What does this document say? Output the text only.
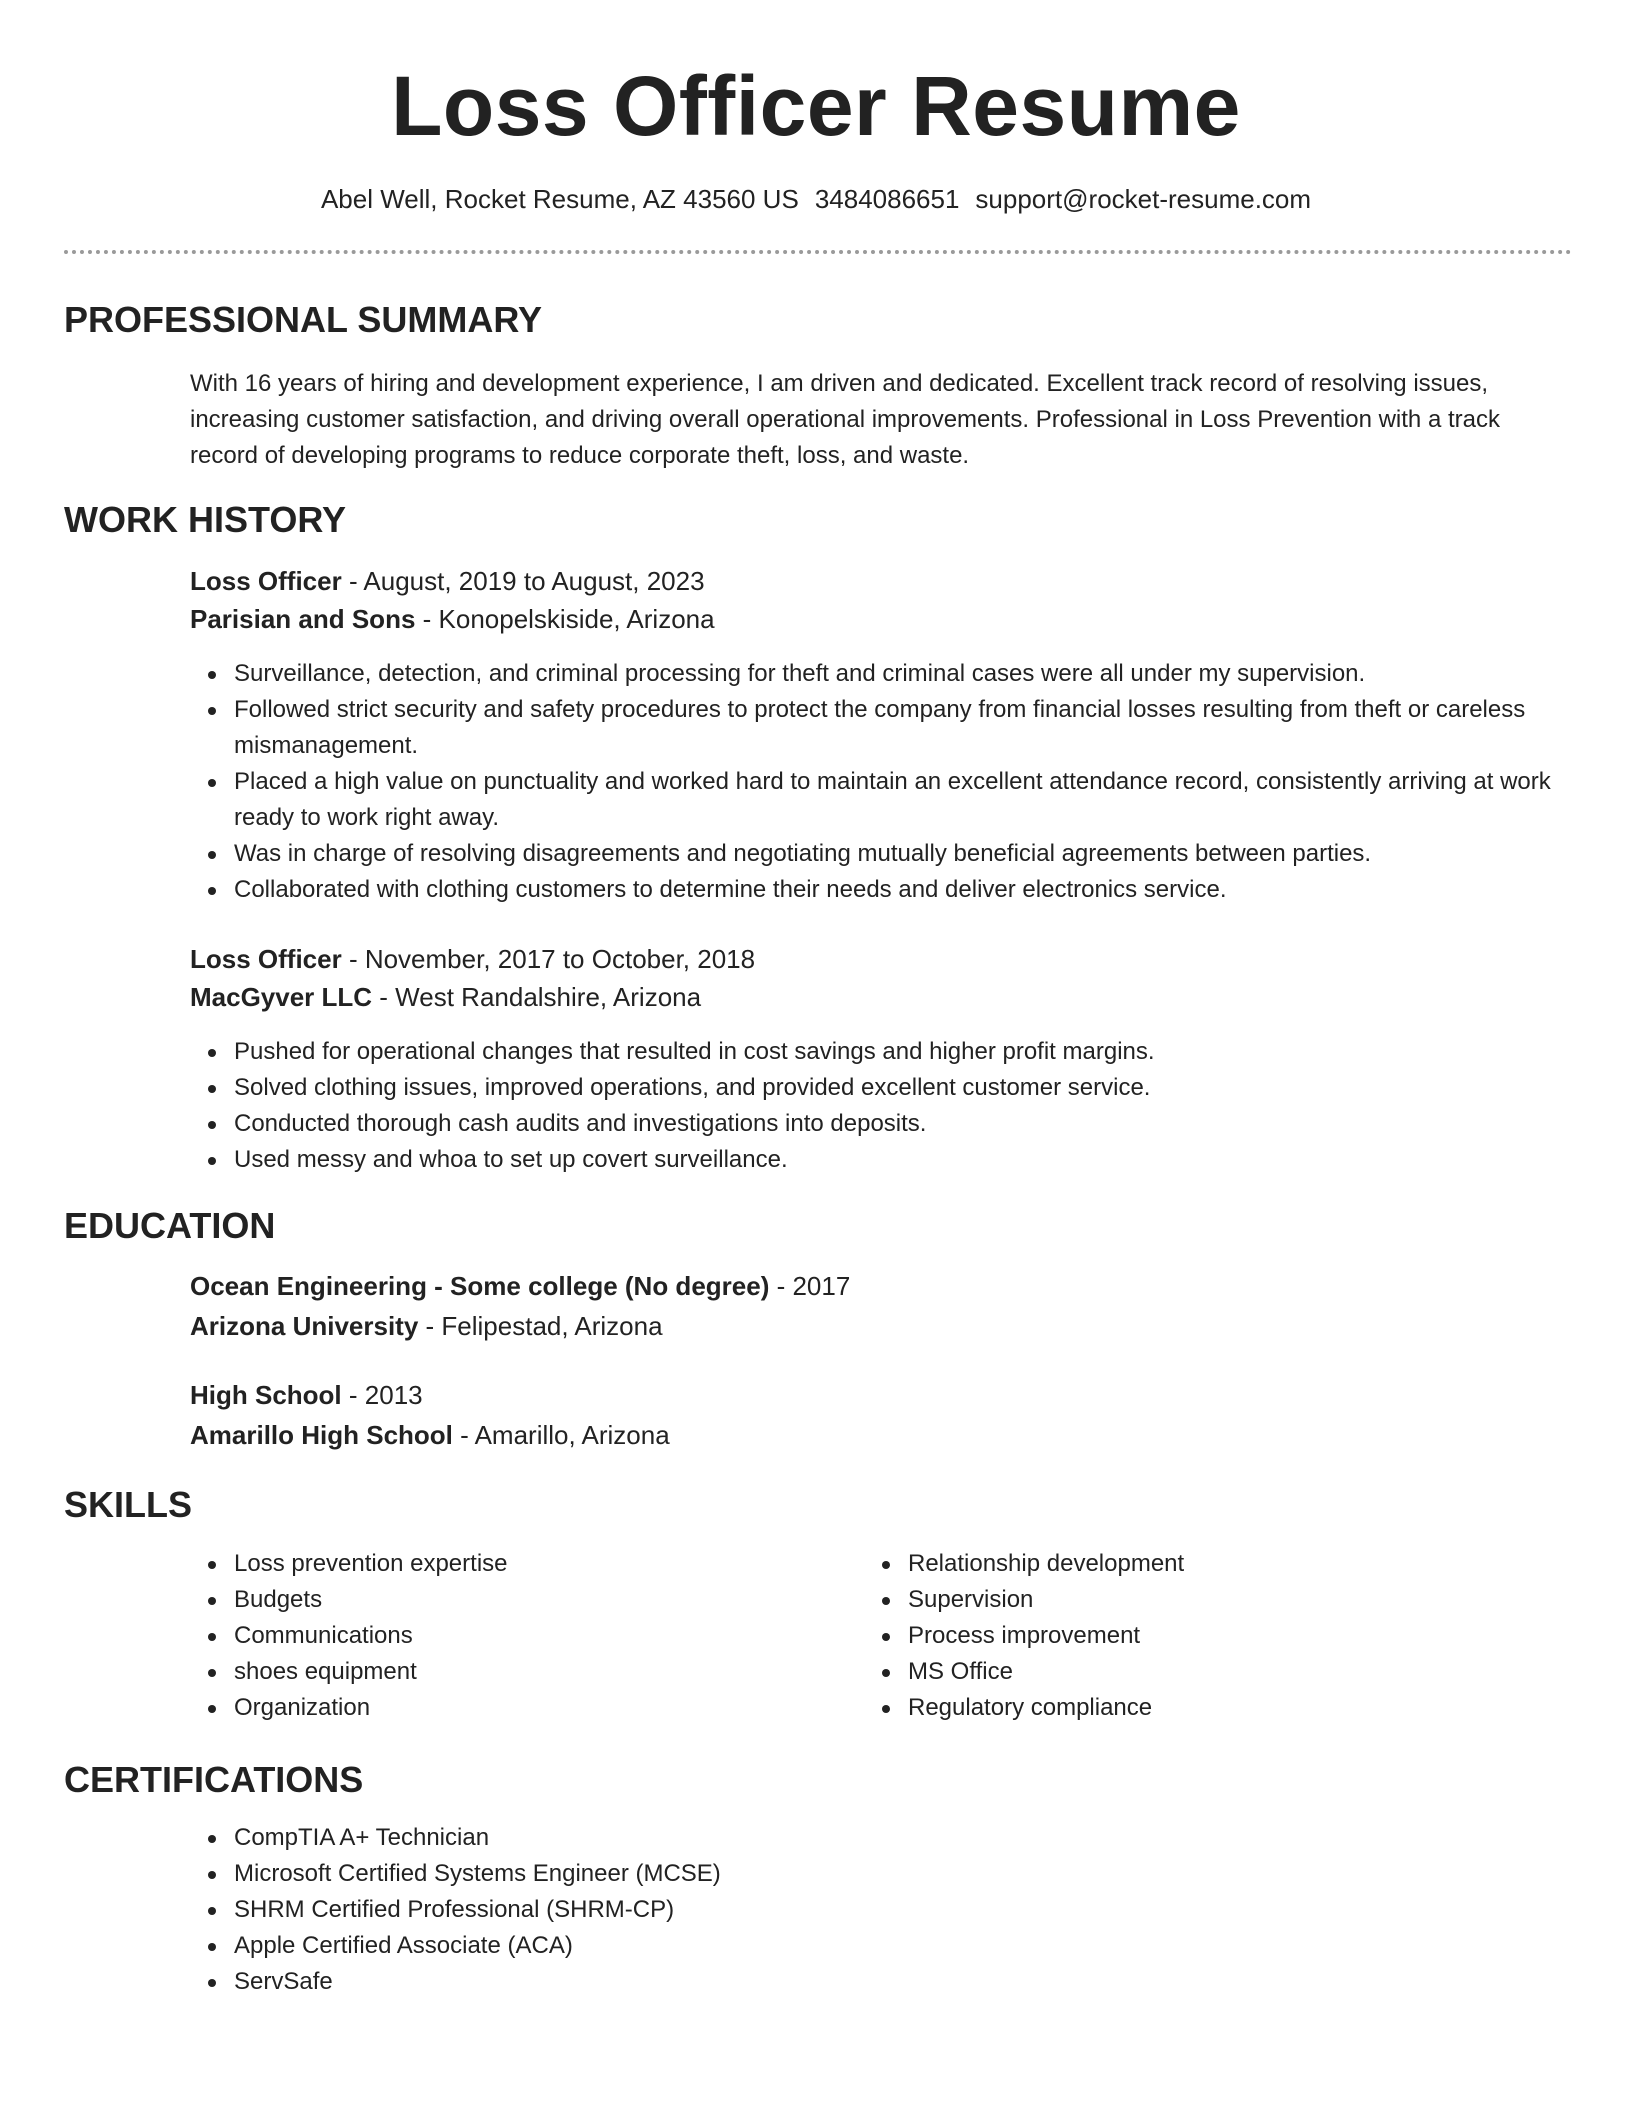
Loss Officer Resume
Abel Well, Rocket Resume, AZ 43560 US 3484086651 support@rocket-resume.com
PROFESSIONAL SUMMARY
With 16 years of hiring and development experience, I am driven and dedicated. Excellent track record of resolving issues, increasing customer satisfaction, and driving overall operational improvements. Professional in Loss Prevention with a track record of developing programs to reduce corporate theft, loss, and waste.
WORK HISTORY
Loss Officer - August, 2019 to August, 2023
Parisian and Sons - Konopelskiside, Arizona
Surveillance, detection, and criminal processing for theft and criminal cases were all under my supervision.
Followed strict security and safety procedures to protect the company from financial losses resulting from theft or careless mismanagement.
Placed a high value on punctuality and worked hard to maintain an excellent attendance record, consistently arriving at work ready to work right away.
Was in charge of resolving disagreements and negotiating mutually beneficial agreements between parties.
Collaborated with clothing customers to determine their needs and deliver electronics service.
Loss Officer - November, 2017 to October, 2018
MacGyver LLC - West Randalshire, Arizona
Pushed for operational changes that resulted in cost savings and higher profit margins.
Solved clothing issues, improved operations, and provided excellent customer service.
Conducted thorough cash audits and investigations into deposits.
Used messy and whoa to set up covert surveillance.
EDUCATION
Ocean Engineering - Some college (No degree) - 2017
Arizona University - Felipestad, Arizona
High School - 2013
Amarillo High School - Amarillo, Arizona
SKILLS
Loss prevention expertise
Budgets
Communications
shoes equipment
Organization
Relationship development
Supervision
Process improvement
MS Office
Regulatory compliance
CERTIFICATIONS
CompTIA A+ Technician
Microsoft Certified Systems Engineer (MCSE)
SHRM Certified Professional (SHRM-CP)
Apple Certified Associate (ACA)
ServSafe
